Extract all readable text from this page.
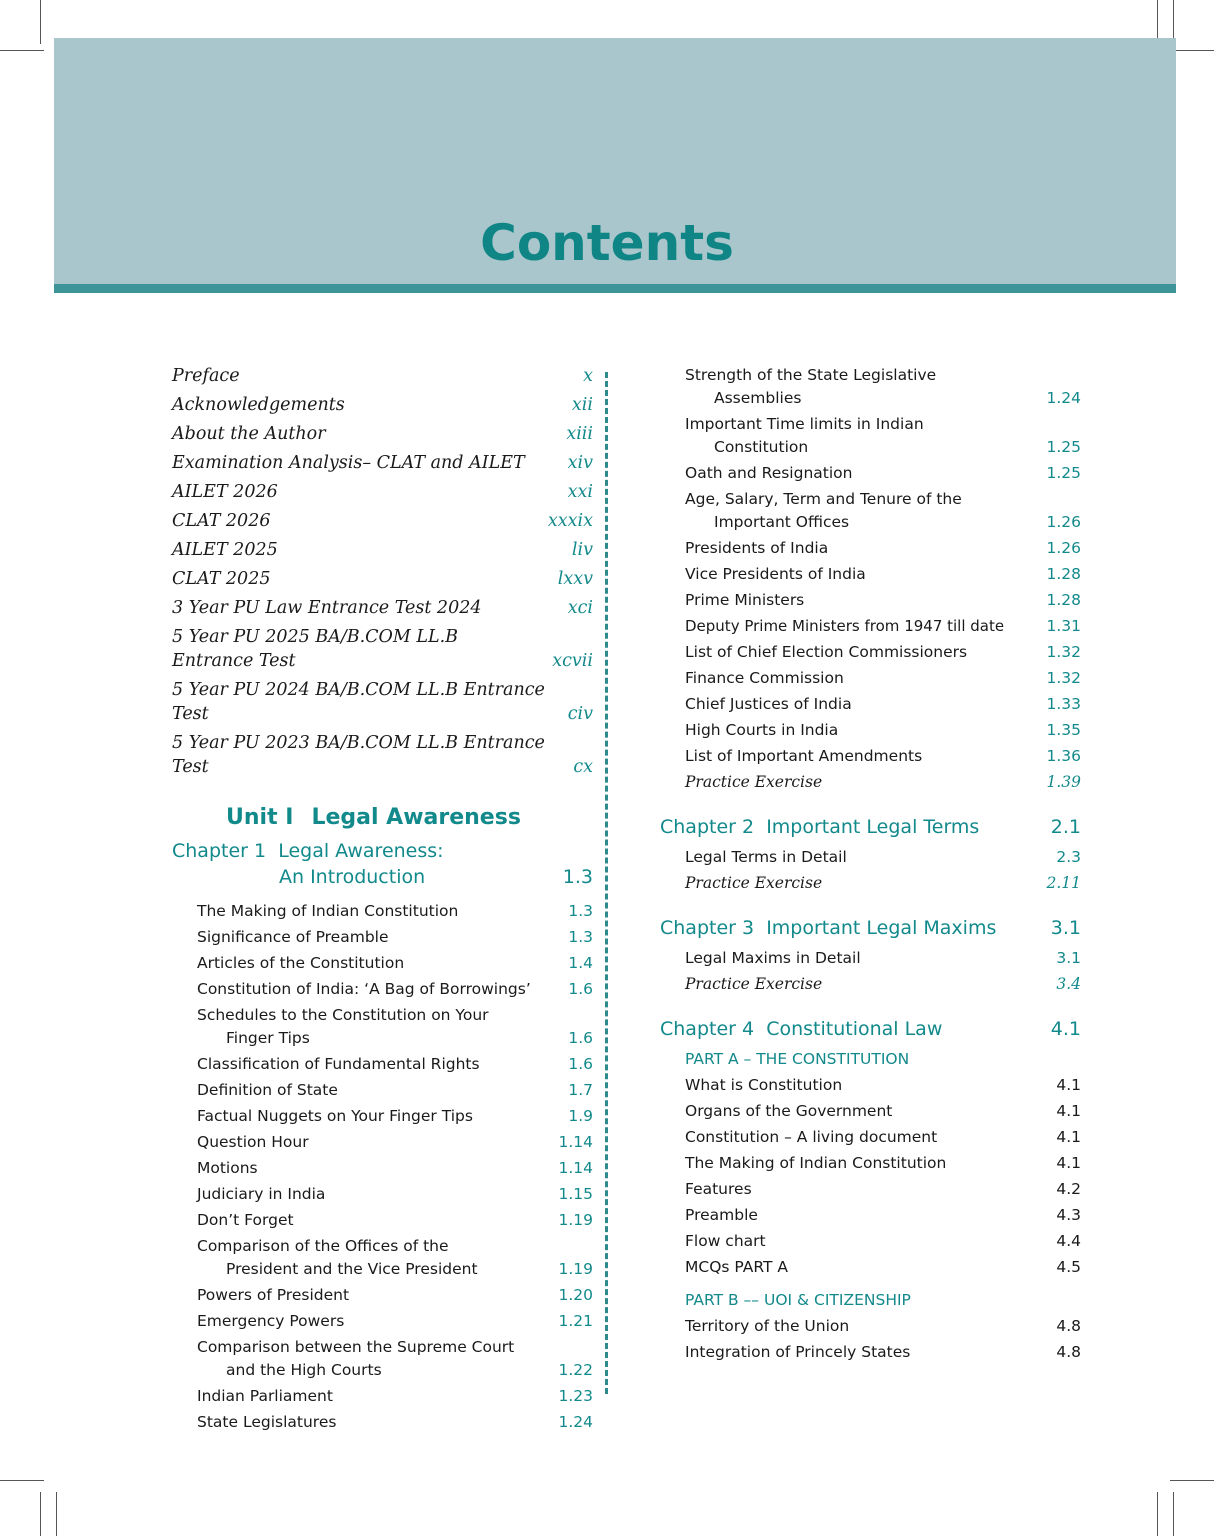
Contents
Preface	x
Acknowledgements	xii
About the Author	xiii
Examination Analysis– CLAT and AILET	xiv
AILET 2026	xxi
CLAT 2026	xxxix
AILET 2025	liv
CLAT 2025	lxxv
3 Year PU Law Entrance Test 2024	xci
5 Year PU 2025 BA/B.COM LL.B Entrance Test	xcvii
5 Year PU 2024 BA/B.COM LL.B Entrance Test	civ
5 Year PU 2023 BA/B.COM LL.B Entrance Test	cx
Unit I Legal Awareness
Chapter 1 Legal Awareness:
An Introduction	1.3
The Making of Indian Constitution	1.3
Significance of Preamble	1.3
Articles of the Constitution	1.4
Constitution of India: ‘A Bag of Borrowings’	1.6
Schedules to the Constitution on Your
Finger Tips	1.6
Classification of Fundamental Rights	1.6
Definition of State	1.7
Factual Nuggets on Your Finger Tips	1.9
Question Hour	1.14
Motions	1.14
Judiciary in India	1.15
Don’t Forget	1.19
Comparison of the Offices of the
President and the Vice President	1.19
Powers of President	1.20
Emergency Powers	1.21
Comparison between the Supreme Court
and the High Courts	1.22
Indian Parliament	1.23
State Legislatures	1.24
Strength of the State Legislative
Assemblies	1.24
Important Time limits in Indian
Constitution	1.25
Oath and Resignation	1.25
Age, Salary, Term and Tenure of the
Important Offices	1.26
Presidents of India	1.26
Vice Presidents of India	1.28
Prime Ministers	1.28
Deputy Prime Ministers from 1947 till date	1.31
List of Chief Election Commissioners	1.32
Finance Commission	1.32
Chief Justices of India	1.33
High Courts in India	1.35
List of Important Amendments	1.36
Practice Exercise	1.39
Chapter 2 Important Legal Terms	2.1
Legal Terms in Detail	2.3
Practice Exercise	2.11
Chapter 3 Important Legal Maxims	3.1
Legal Maxims in Detail	3.1
Practice Exercise	3.4
Chapter 4 Constitutional Law	4.1
PART A – THE CONSTITUTION
What is Constitution	4.1
Organs of the Government	4.1
Constitution – A living document	4.1
The Making of Indian Constitution	4.1
Features	4.2
Preamble	4.3
Flow chart	4.4
MCQs PART A	4.5
PART B –– UOI & CITIZENSHIP
Territory of the Union	4.8
Integration of Princely States	4.8
